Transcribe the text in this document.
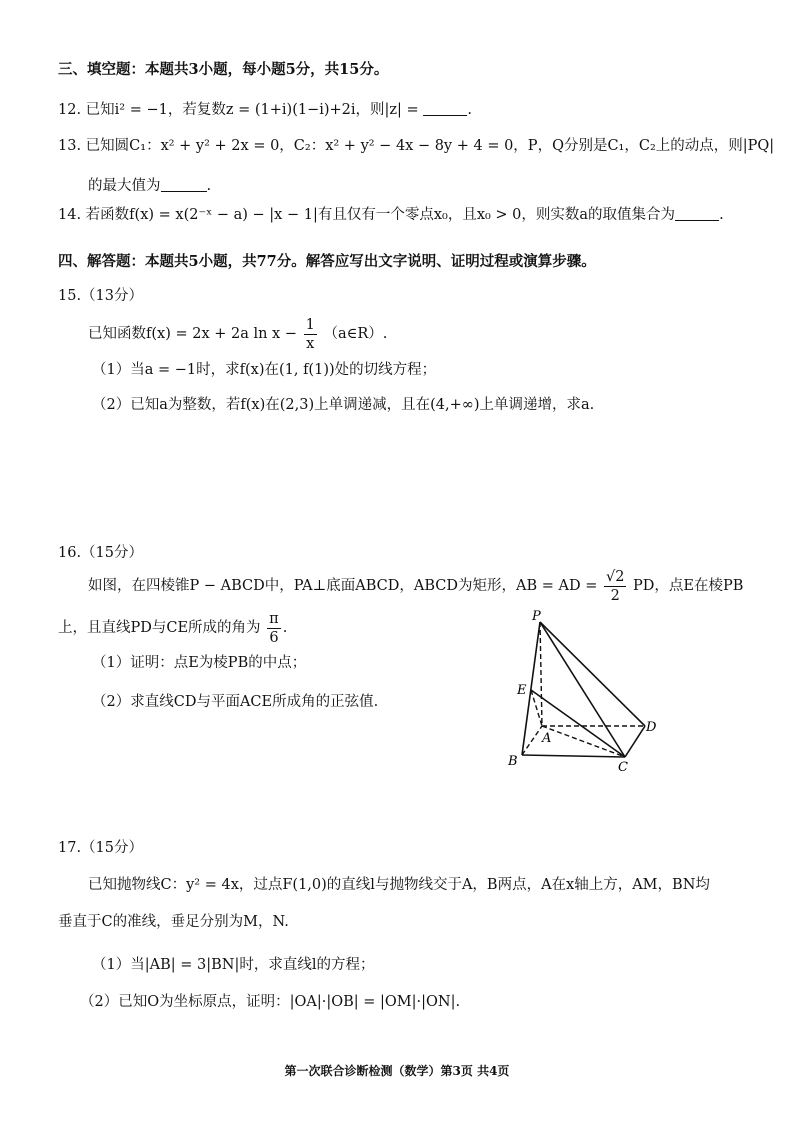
三、填空题：本题共3小题，每小题5分，共15分。
12. 已知i² = −1，若复数z = (1+i)(1−i)+2i，则|z| =	.
13. 已知圆C₁：x² + y² + 2x = 0，C₂：x² + y² − 4x − 8y + 4 = 0，P，Q分别是C₁，C₂上的动点，则|PQ|
的最大值为	.
14. 若函数f(x) = x(2⁻ˣ − a) − |x − 1|有且仅有一个零点x₀，且x₀ > 0，则实数a的取值集合为	.
四、解答题：本题共5小题，共77分。解答应写出文字说明、证明过程或演算步骤。
15.（13分）
已知函数f(x) = 2x + 2a $\ln x - \frac{1}{x}$ （a∈R）.
（1）当a = −1时，求f(x)在(1, f(1))处的切线方程；
（2）已知a为整数，若f(x)在(2,3)上单调递减，且在(4,+∞)上单调递增，求a.
16.（15分）
如图，在四棱锥P − ABCD中，PA⊥底面ABCD，ABCD为矩形，AB = AD = $\frac{√2}{2}$ PD，点E在棱PB
上，且直线PD与CE所成的角为 $\frac{\pi}{6}$ .
（1）证明：点E为棱PB的中点；
（2）求直线CD与平面ACE所成角的正弦值.
P
E
A
B	C
D
17.（15分）
已知抛物线C：y² = 4x，过点F(1,0)的直线l与抛物线交于A，B两点，A在x轴上方，AM，BN均
垂直于C的准线，垂足分别为M，N.
（1）当|AB| = 3|BN|时，求直线l的方程；
（2）已知O为坐标原点，证明：|OA|·|OB| = |OM|·|ON|.
第一次联合诊断检测（数学）第3页 共4页
